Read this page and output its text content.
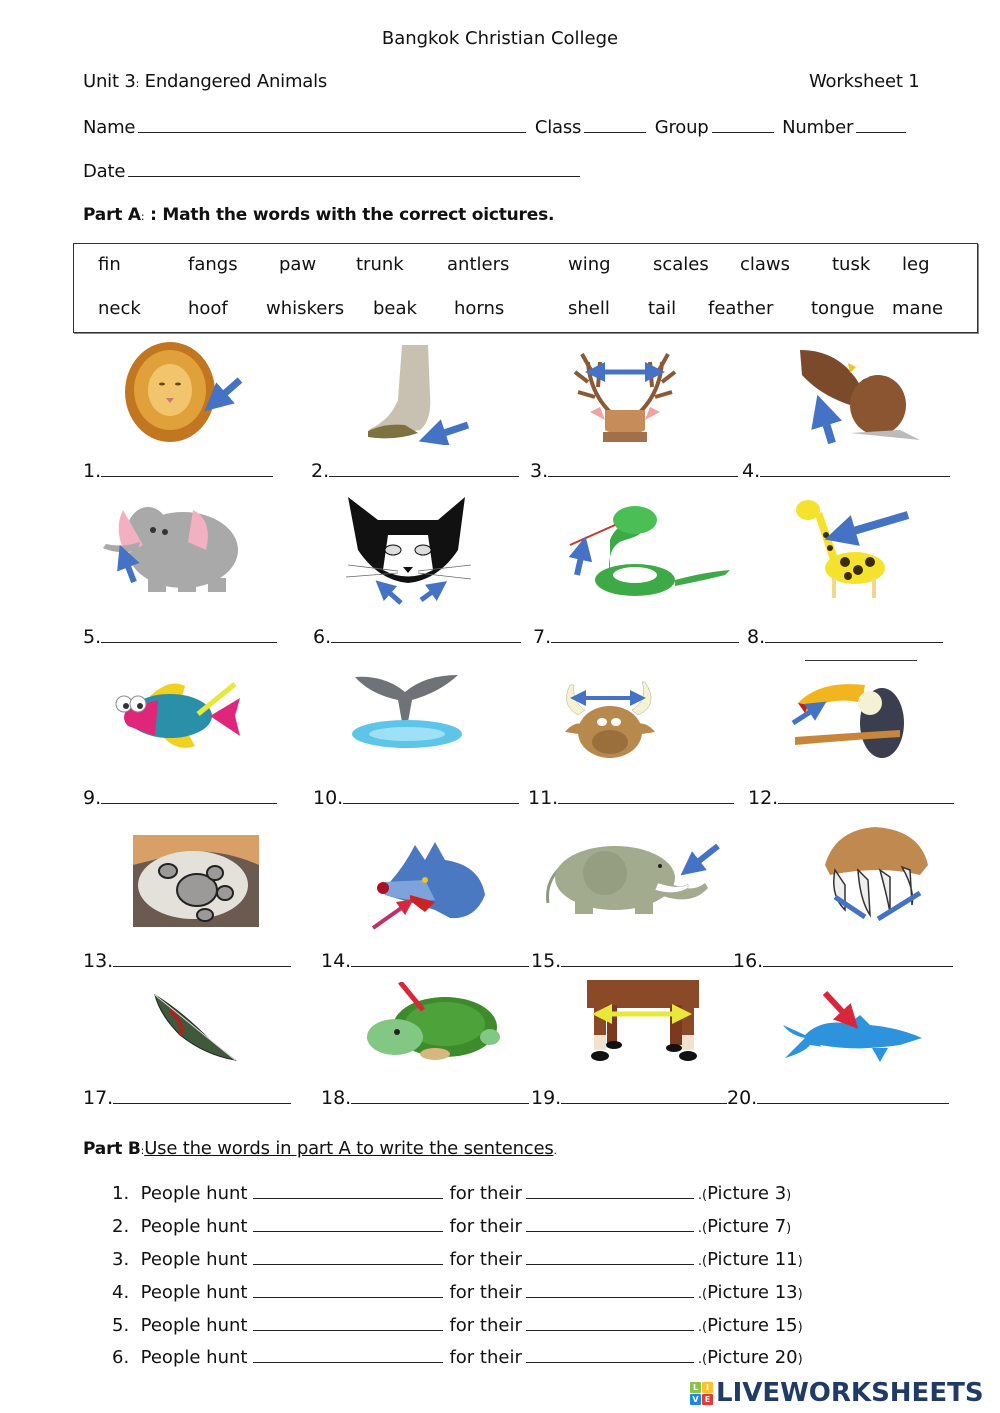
Bangkok Christian College
Unit 3: Endangered Animals	Worksheet 1
Name	Class	Group	Number
Date
Part A: : Math the words with the correct oictures.
fin	fangs paw trunk antlers	wing scales claws tusk leg
neck	hoof whiskers beak horns	shell tail feather tongue mane
1.	2.	3.	4.
5.	6.	7.	8.
9.	10.	11.	12.
13.	14.	15.	16.
17.	18.	19.	20.
Part B:Use the words in part A to write the sentences.
1. People hunt	for their	.(Picture 3)
2. People hunt	for their	.(Picture 7)
3. People hunt	for their	.(Picture 11)
4. People hunt	for their	.(Picture 13)
5. People hunt	for their	.(Picture 15)
6. People hunt	for their	.(Picture 20)
L I
V E LIVEWORKSHEETS
